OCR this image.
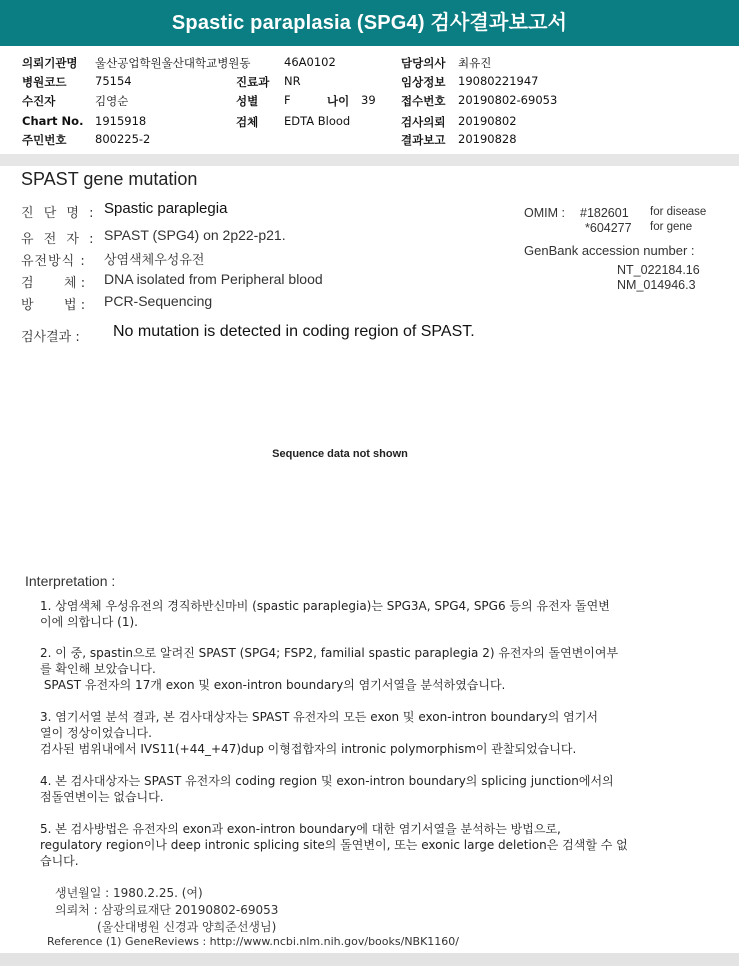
Spastic paraplasia (SPG4) 검사결과보고서
의뢰기관명 울산공업학원울산대학교병원동	46A0102	담당의사 최유진
병원코드 75154	진료과 NR	임상정보 19080221947
수진자	김영순	성별 F	나이 39 접수번호 20190802-69053
Chart No. 1915918	검체 EDTA Blood	검사의뢰 20190802
주민번호 800225-2	결과보고 20190828
SPAST gene mutation
진 단 명 : Spastic paraplegia
유 전 자 : SPAST (SPG4) on 2p22-p21.
유전방식 : 상염색체우성유전
검 체 : DNA isolated from Peripheral blood
방 법 : PCR-Sequencing
OMIM : #182601 for disease
*604277 for gene
GenBank accession number :
NT_022184.16
NM_014946.3
검사결과 : No mutation is detected in coding region of SPAST.
Sequence data not shown
Interpretation :
1. 상염색체 우성유전의 경직하반신마비 (spastic paraplegia)는 SPG3A, SPG4, SPG6 등의 유전자 돌연변
이에 의합니다 (1).
2. 이 중, spastin으로 알려진 SPAST (SPG4; FSP2, familial spastic paraplegia 2) 유전자의 돌연변이여부
를 확인해 보았습니다.
SPAST 유전자의 17개 exon 및 exon-intron boundary의 염기서열을 분석하였습니다.
3. 염기서열 분석 결과, 본 검사대상자는 SPAST 유전자의 모든 exon 및 exon-intron boundary의 염기서
열이 정상이었습니다.
검사된 범위내에서 IVS11(+44_+47)dup 이형접합자의 intronic polymorphism이 관찰되었습니다.
4. 본 검사대상자는 SPAST 유전자의 coding region 및 exon-intron boundary의 splicing junction에서의
점돌연변이는 없습니다.
5. 본 검사방법은 유전자의 exon과 exon-intron boundary에 대한 염기서열을 분석하는 방법으로,
regulatory region이나 deep intronic splicing site의 돌연변이, 또는 exonic large deletion은 검색할 수 없
습니다.
생년월일 : 1980.2.25. (여)
의뢰처 : 삼광의료재단 20190802-69053
(울산대병원 신경과 양희준선생님)
Reference (1) GeneReviews : http://www.ncbi.nlm.nih.gov/books/NBK1160/
